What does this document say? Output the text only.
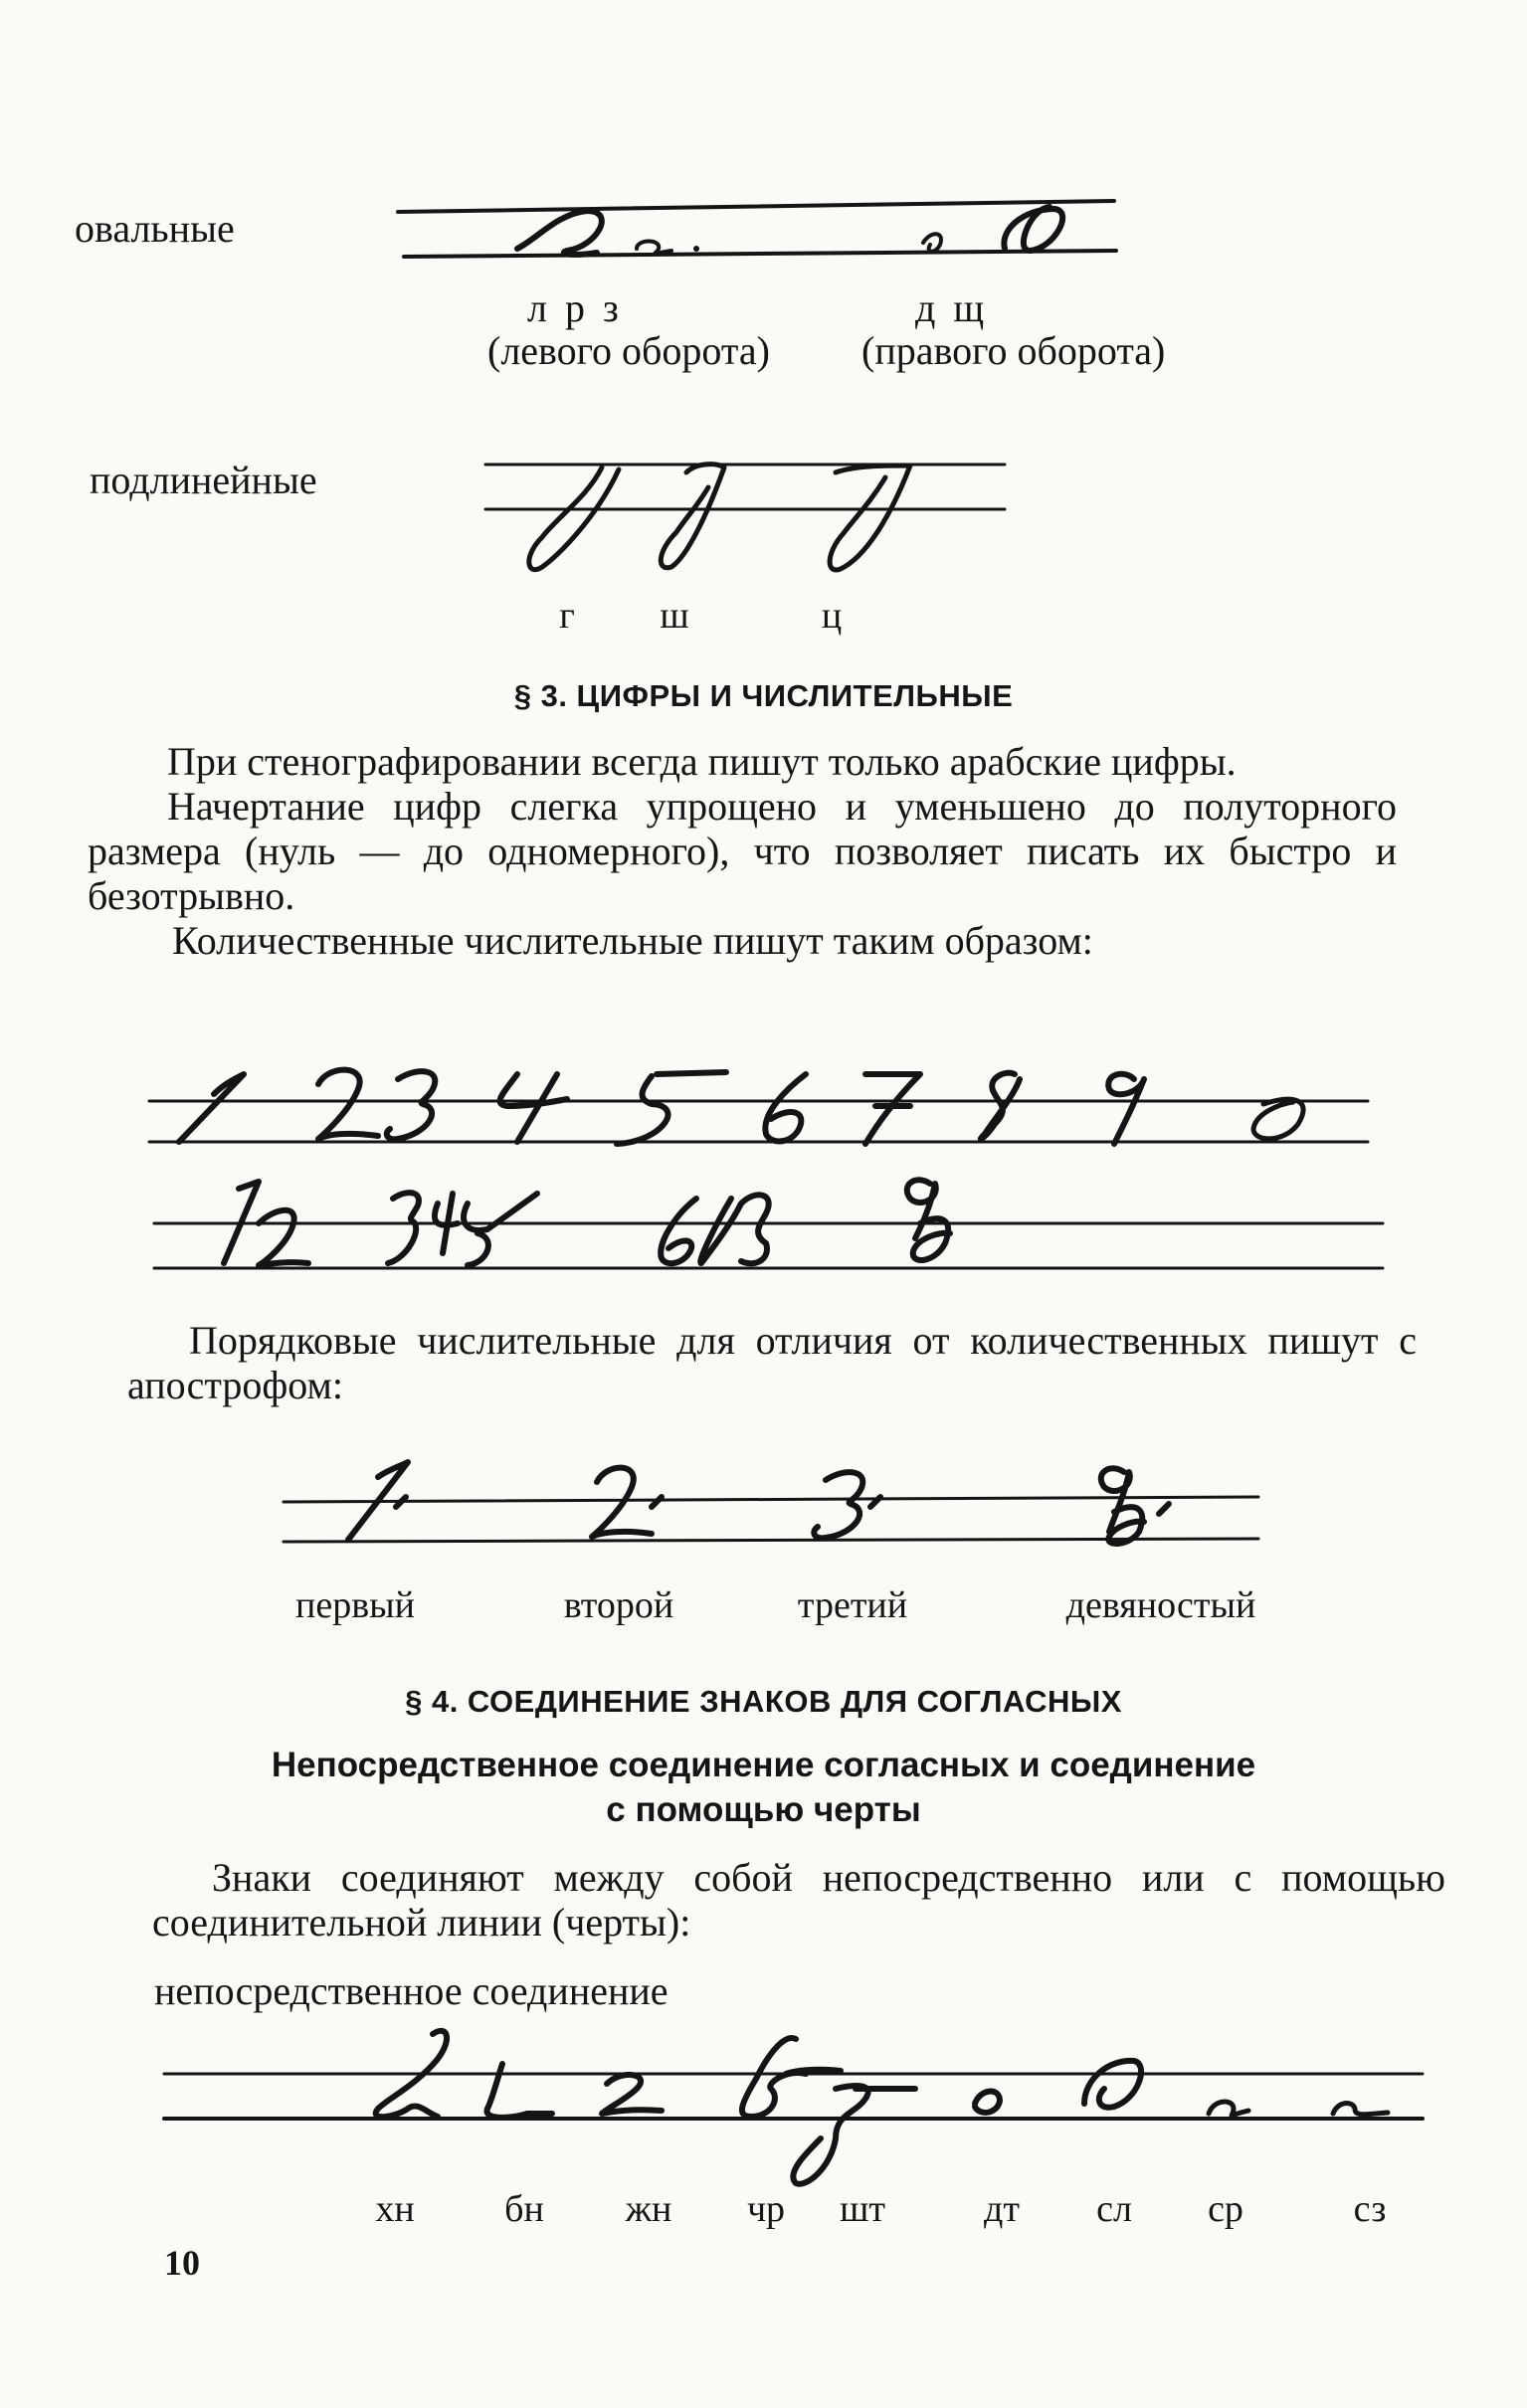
овальные
л р з	д щ
(левого оборота) (правого оборота)
подлинейные
г ш	ц
§ 3. ЦИФРЫ И ЧИСЛИТЕЛЬНЫЕ

При стенографировании всегда пишут только арабские цифры.

Начертание цифр слегка упрощено и уменьшено до полуторного размера (нуль — до одномерного), что позволяет писать их быстро и безотрывно.

Количественные числительные пишут таким образом:

Порядковые числительные для отличия от количественных пишут с апострофом:

первый	второй	третий	девяностый
§ 4. СОЕДИНЕНИЕ ЗНАКОВ ДЛЯ СОГЛАСНЫХ
Непосредственное соединение согласных и соединение
с помощью черты

Знаки соединяют между собой непосредственно или с помощью соединительной линии (черты):

непосредственное соединение
хн бн жн чр шт	дт сл ср	сз
10
